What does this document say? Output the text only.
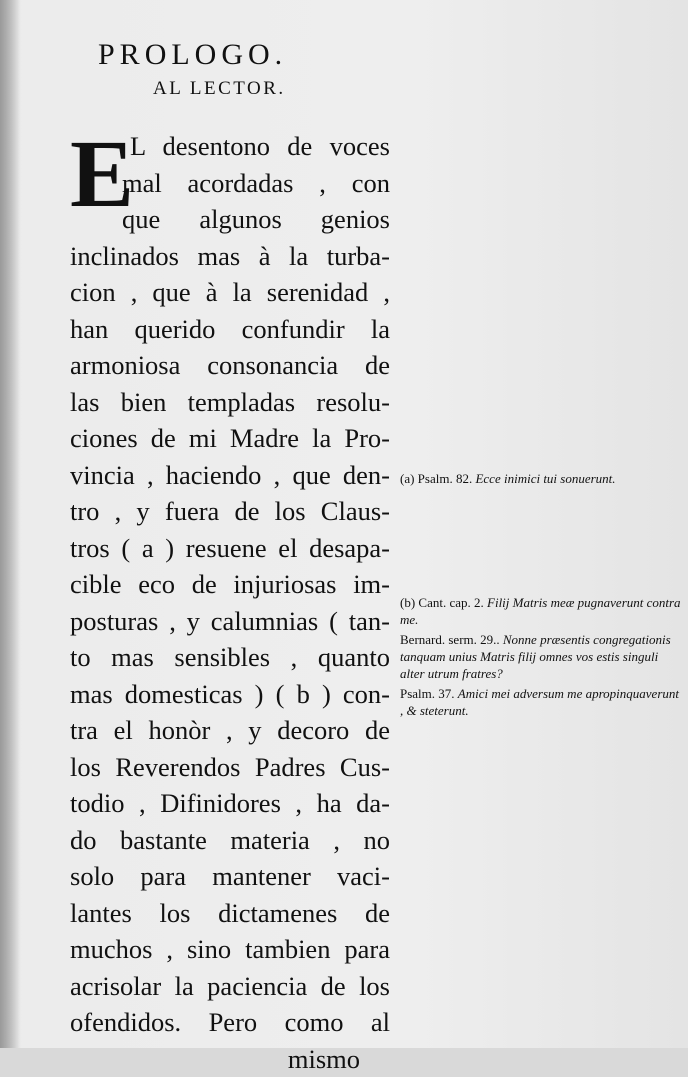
PROLOGO.
AL LECTOR.
E
L desentono de voces
mal acordadas , con
que algunos genios
inclinados mas à la turba-
cion , que à la serenidad ,
han querido confundir la
armoniosa consonancia de
las bien templadas resolu-
ciones de mi Madre la Pro-
vincia , haciendo , que den-
tro , y fuera de los Claus-
tros ( a ) resuene el desapa-
cible eco de injuriosas im-
posturas , y calumnias ( tan-
to mas sensibles , quanto
mas domesticas ) ( b ) con-
tra el honòr , y decoro de
los Reverendos Padres Cus-
todio , Difinidores , ha da-
do bastante materia , no
solo para mantener vaci-
lantes los dictamenes de
muchos , sino tambien para
acrisolar la paciencia de los
ofendidos. Pero como al
mismo
(a) Psalm. 82. Ecce inimici tui sonuerunt.

(b) Cant. cap. 2. Filij Matris meæ pugnaverunt contra me.

Bernard. serm. 29.. Nonne præsentis congregationis tanquam unius Matris filij omnes vos estis singuli alter utrum fratres?

Psalm. 37. Amici mei adversum me apropinquaverunt , & steterunt.
